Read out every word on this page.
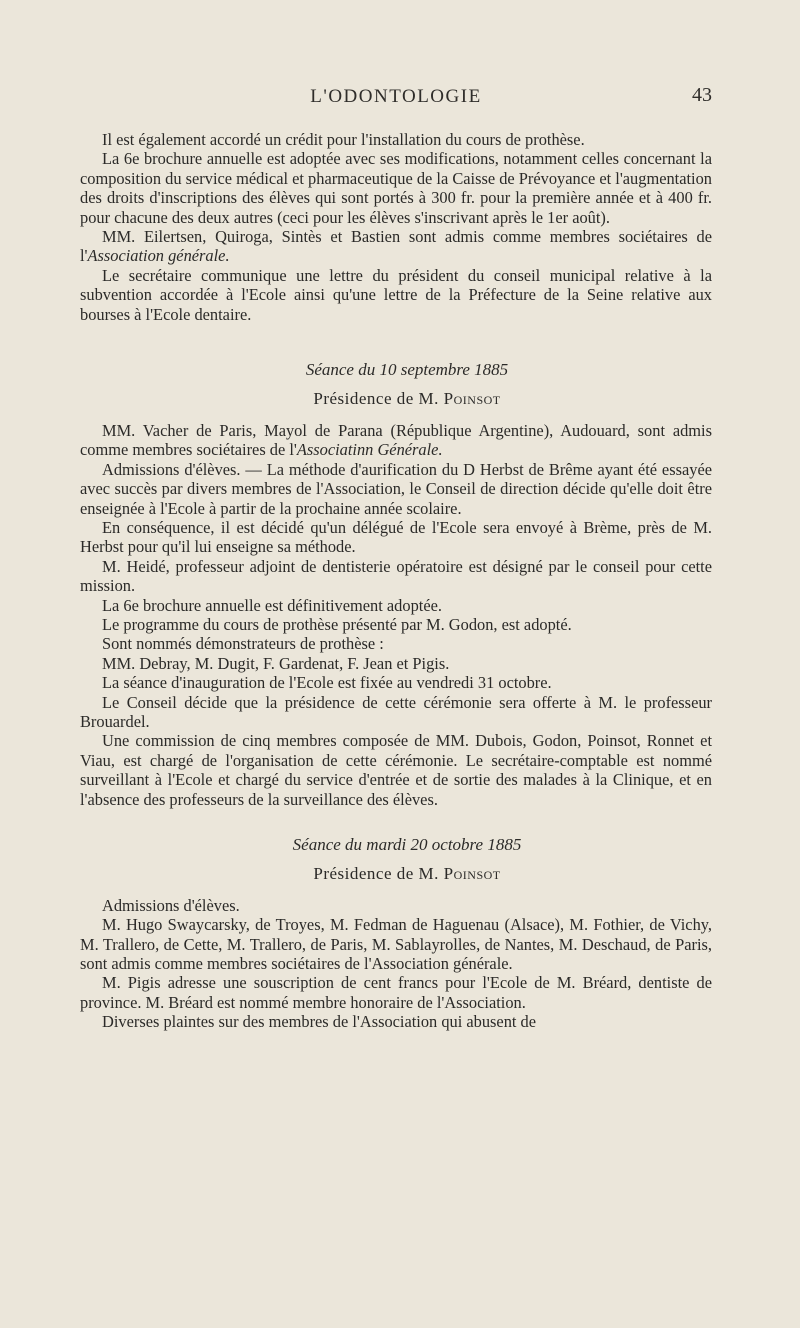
L'ODONTOLOGIE	43

Il est également accordé un crédit pour l'installation du cours de prothèse.

La 6e brochure annuelle est adoptée avec ses modifications, notamment celles concernant la composition du service médical et pharmaceutique de la Caisse de Prévoyance et l'augmentation des droits d'inscriptions des élèves qui sont portés à 300 fr. pour la première année et à 400 fr. pour chacune des deux autres (ceci pour les élèves s'inscrivant après le 1er août).

MM. Eilertsen, Quiroga, Sintès et Bastien sont admis comme membres sociétaires de l'Association générale.

Le secrétaire communique une lettre du président du conseil municipal relative à la subvention accordée à l'Ecole ainsi qu'une lettre de la Préfecture de la Seine relative aux bourses à l'Ecole dentaire.

Séance du 10 septembre 1885

Présidence de M. Poinsot

MM. Vacher de Paris, Mayol de Parana (République Argentine), Audouard, sont admis comme membres sociétaires de l'Associatinn Générale.

Admissions d'élèves. — La méthode d'aurification du D Herbst de Brême ayant été essayée avec succès par divers membres de l'Association, le Conseil de direction décide qu'elle doit être enseignée à l'Ecole à partir de la prochaine année scolaire.

En conséquence, il est décidé qu'un délégué de l'Ecole sera envoyé à Brème, près de M. Herbst pour qu'il lui enseigne sa méthode.

M. Heidé, professeur adjoint de dentisterie opératoire est désigné par le conseil pour cette mission.

La 6e brochure annuelle est définitivement adoptée.

Le programme du cours de prothèse présenté par M. Godon, est adopté.

Sont nommés démonstrateurs de prothèse :

MM. Debray, M. Dugit, F. Gardenat, F. Jean et Pigis.

La séance d'inauguration de l'Ecole est fixée au vendredi 31 octobre.

Le Conseil décide que la présidence de cette cérémonie sera offerte à M. le professeur Brouardel.

Une commission de cinq membres composée de MM. Dubois, Godon, Poinsot, Ronnet et Viau, est chargé de l'organisation de cette cérémonie. Le secrétaire-comptable est nommé surveillant à l'Ecole et chargé du service d'entrée et de sortie des malades à la Clinique, et en l'absence des professeurs de la surveillance des élèves.

Séance du mardi 20 octobre 1885

Présidence de M. Poinsot

Admissions d'élèves.

M. Hugo Swaycarsky, de Troyes, M. Fedman de Haguenau (Alsace), M. Fothier, de Vichy, M. Trallero, de Cette, M. Trallero, de Paris, M. Sablayrolles, de Nantes, M. Deschaud, de Paris, sont admis comme membres sociétaires de l'Association générale.

M. Pigis adresse une souscription de cent francs pour l'Ecole de M. Bréard, dentiste de province. M. Bréard est nommé membre honoraire de l'Association.

Diverses plaintes sur des membres de l'Association qui abusent de
